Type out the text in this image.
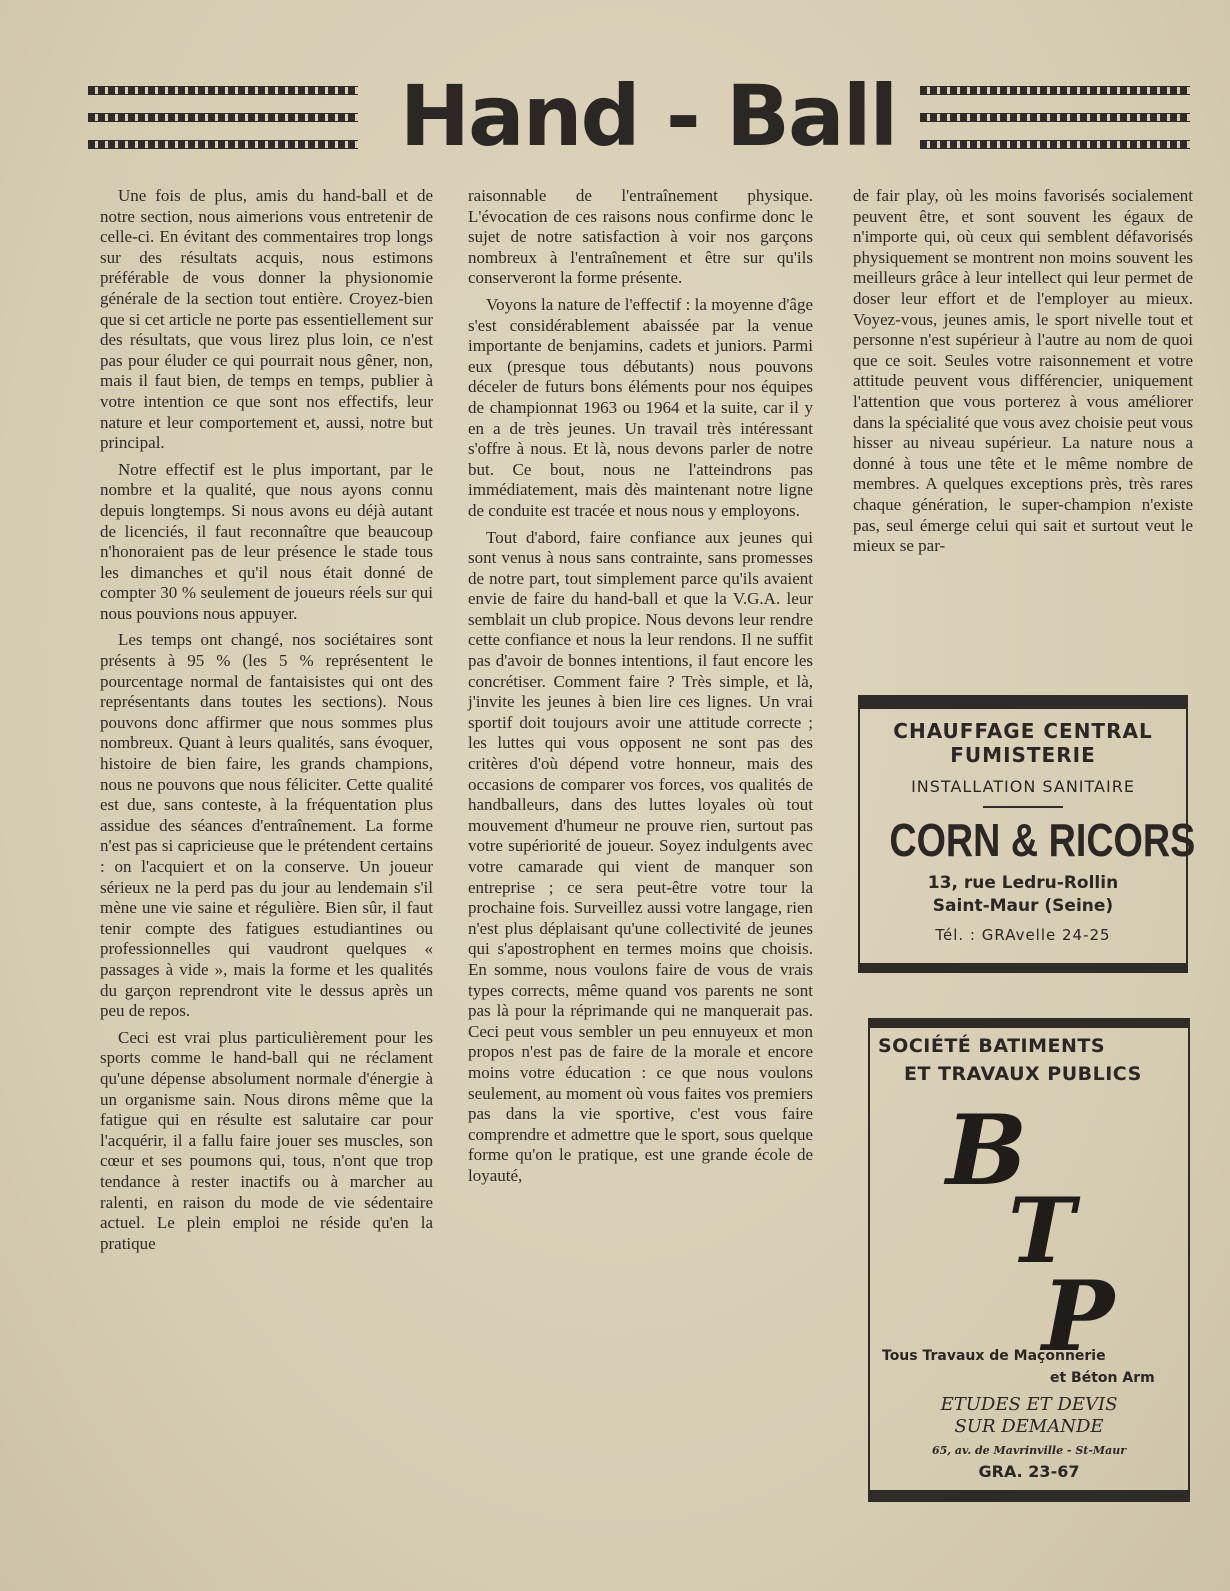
Hand - Ball

Une fois de plus, amis du hand-ball et de notre section, nous aimerions vous entretenir de celle-ci. En évitant des commentaires trop longs sur des résultats acquis, nous estimons préférable de vous donner la physionomie générale de la section tout entière. Croyez-bien que si cet article ne porte pas essentiellement sur des résultats, que vous lirez plus loin, ce n'est pas pour éluder ce qui pourrait nous gêner, non, mais il faut bien, de temps en temps, publier à votre intention ce que sont nos effectifs, leur nature et leur comportement et, aussi, notre but principal.

Notre effectif est le plus important, par le nombre et la qualité, que nous ayons connu depuis longtemps. Si nous avons eu déjà autant de licenciés, il faut reconnaître que beaucoup n'honoraient pas de leur présence le stade tous les dimanches et qu'il nous était donné de compter 30 % seulement de joueurs réels sur qui nous pouvions nous appuyer.

Les temps ont changé, nos sociétaires sont présents à 95 % (les 5 % représentent le pourcentage normal de fantaisistes qui ont des représentants dans toutes les sections). Nous pouvons donc affirmer que nous sommes plus nombreux. Quant à leurs qualités, sans évoquer, histoire de bien faire, les grands champions, nous ne pouvons que nous féliciter. Cette qualité est due, sans conteste, à la fréquentation plus assidue des séances d'entraînement. La forme n'est pas si capricieuse que le prétendent certains : on l'acquiert et on la conserve. Un joueur sérieux ne la perd pas du jour au lendemain s'il mène une vie saine et régulière. Bien sûr, il faut tenir compte des fatigues estudiantines ou professionnelles qui vaudront quelques « passages à vide », mais la forme et les qualités du garçon reprendront vite le dessus après un peu de repos.

Ceci est vrai plus particulièrement pour les sports comme le hand-ball qui ne réclament qu'une dépense absolument normale d'énergie à un organisme sain. Nous dirons même que la fatigue qui en résulte est salutaire car pour l'acquérir, il a fallu faire jouer ses muscles, son cœur et ses poumons qui, tous, n'ont que trop tendance à rester inactifs ou à marcher au ralenti, en raison du mode de vie sédentaire actuel. Le plein emploi ne réside qu'en la pratique

raisonnable de l'entraînement physique. L'évocation de ces raisons nous confirme donc le sujet de notre satisfaction à voir nos garçons nombreux à l'entraînement et être sur qu'ils conserveront la forme présente.

Voyons la nature de l'effectif : la moyenne d'âge s'est considérablement abaissée par la venue importante de benjamins, cadets et juniors. Parmi eux (presque tous débutants) nous pouvons déceler de futurs bons éléments pour nos équipes de championnat 1963 ou 1964 et la suite, car il y en a de très jeunes. Un travail très intéressant s'offre à nous. Et là, nous devons parler de notre but. Ce bout, nous ne l'atteindrons pas immédiatement, mais dès maintenant notre ligne de conduite est tracée et nous nous y employons.

Tout d'abord, faire confiance aux jeunes qui sont venus à nous sans contrainte, sans promesses de notre part, tout simplement parce qu'ils avaient envie de faire du hand-ball et que la V.G.A. leur semblait un club propice. Nous devons leur rendre cette confiance et nous la leur rendons. Il ne suffit pas d'avoir de bonnes intentions, il faut encore les concrétiser. Comment faire ? Très simple, et là, j'invite les jeunes à bien lire ces lignes. Un vrai sportif doit toujours avoir une attitude correcte ; les luttes qui vous opposent ne sont pas des critères d'où dépend votre honneur, mais des occasions de comparer vos forces, vos qualités de handballeurs, dans des luttes loyales où tout mouvement d'humeur ne prouve rien, surtout pas votre supériorité de joueur. Soyez indulgents avec votre camarade qui vient de manquer son entreprise ; ce sera peut-être votre tour la prochaine fois. Surveillez aussi votre langage, rien n'est plus déplaisant qu'une collectivité de jeunes qui s'apostrophent en termes moins que choisis. En somme, nous voulons faire de vous de vrais types corrects, même quand vos parents ne sont pas là pour la réprimande qui ne manquerait pas. Ceci peut vous sembler un peu ennuyeux et mon propos n'est pas de faire de la morale et encore moins votre éducation : ce que nous voulons seulement, au moment où vous faites vos premiers pas dans la vie sportive, c'est vous faire comprendre et admettre que le sport, sous quelque forme qu'on le pratique, est une grande école de loyauté,

de fair play, où les moins favorisés socialement peuvent être, et sont souvent les égaux de n'importe qui, où ceux qui semblent défavorisés physiquement se montrent non moins souvent les meilleurs grâce à leur intellect qui leur permet de doser leur effort et de l'employer au mieux. Voyez-vous, jeunes amis, le sport nivelle tout et personne n'est supérieur à l'autre au nom de quoi que ce soit. Seules votre raisonnement et votre attitude peuvent vous différencier, uniquement l'attention que vous porterez à vous améliorer dans la spécialité que vous avez choisie peut vous hisser au niveau supérieur. La nature nous a donné à tous une tête et le même nombre de membres. A quelques exceptions près, très rares chaque génération, le super-champion n'existe pas, seul émerge celui qui sait et surtout veut le mieux se par-

CHAUFFAGE CENTRAL
FUMISTERIE
INSTALLATION SANITAIRE
CORN & RICORS
13, rue Ledru-Rollin
Saint-Maur (Seine)
Tél. : GRAvelle 24-25
SOCIÉTÉ BATIMENTS
ET TRAVAUX PUBLICS
B
T
P
Tous Travaux de Maçonnerie
et Béton Arm
ETUDES ET DEVIS
SUR DEMANDE
65, av. de Mavrinville - St-Maur
GRA. 23-67
